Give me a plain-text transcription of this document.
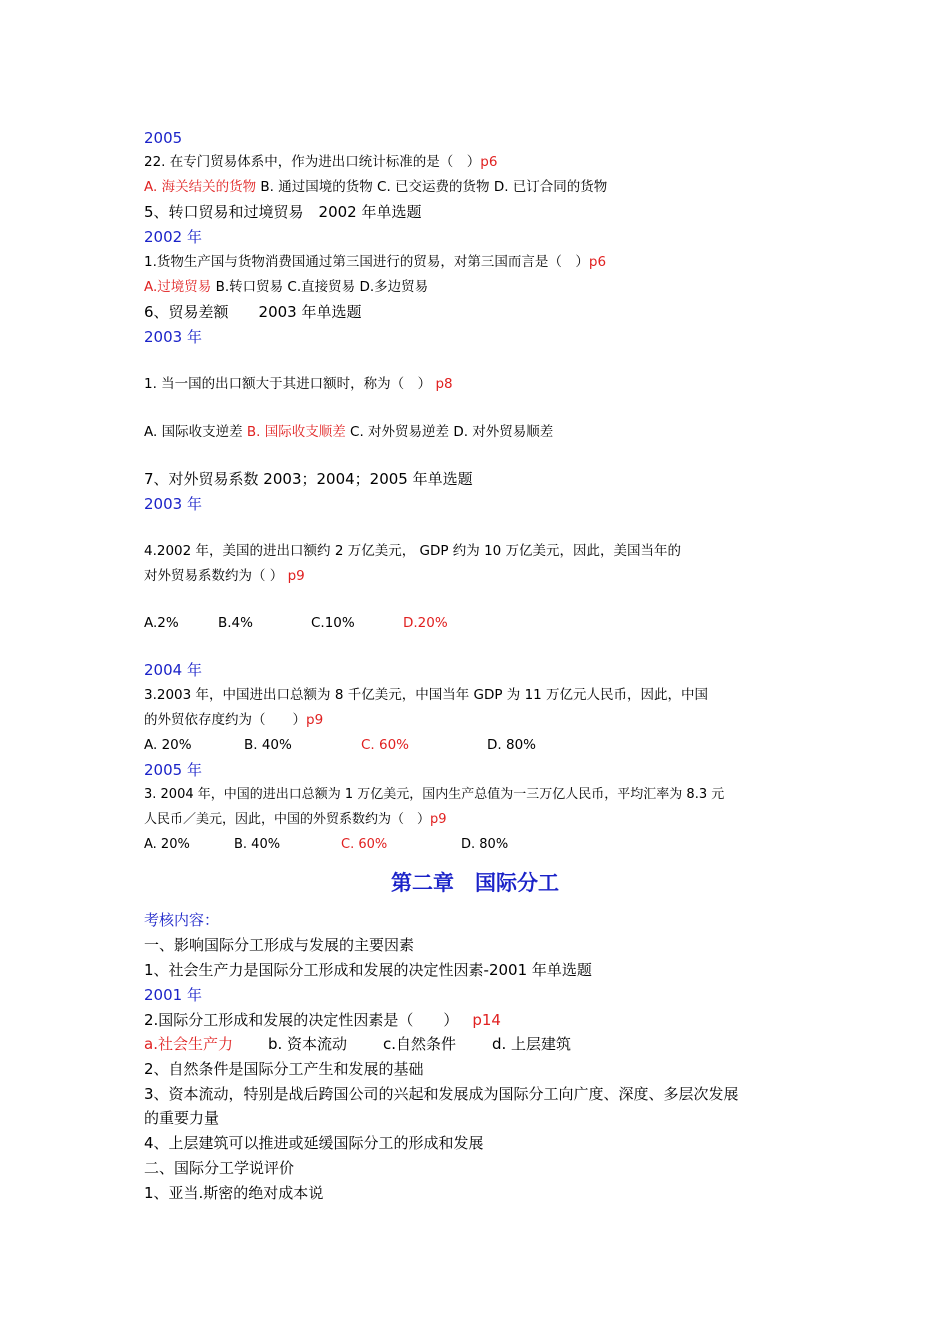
2005
22. 在专门贸易体系中，作为进出口统计标准的是（　）p6
A. 海关结关的货物 B. 通过国境的货物 C. 已交运费的货物 D. 已订合同的货物
5、转口贸易和过境贸易　2002 年单选题
2002 年
1.货物生产国与货物消费国通过第三国进行的贸易，对第三国而言是（　）p6
A.过境贸易 B.转口贸易 C.直接贸易 D.多边贸易
6、贸易差额　　2003 年单选题
2003 年
1. 当一国的出口额大于其进口额时，称为（　） p8
A. 国际收支逆差 B. 国际收支顺差 C. 对外贸易逆差 D. 对外贸易顺差
7、对外贸易系数 2003；2004；2005 年单选题
2003 年
4.2002 年，美国的进出口额约 2 万亿美元， GDP 约为 10 万亿美元，因此，美国当年的
对外贸易系数约为（ ） p9
A.2%	B.4%	C.10%	D.20%
2004 年
3.2003 年，中国进出口总额为 8 千亿美元，中国当年 GDP 为 11 万亿元人民币，因此，中国
的外贸依存度约为（　　）p9
A. 20%	B. 40%	C. 60%	D. 80%
2005 年
3. 2004 年，中国的进出口总额为 1 万亿美元，国内生产总值为一三万亿人民币，平均汇率为 8.3 元
人民币／美元，因此，中国的外贸系数约为（　）p9
A. 20%	B. 40%	C. 60%	D. 80%
第二章　国际分工
考核内容：
一、影响国际分工形成与发展的主要因素
1、社会生产力是国际分工形成和发展的决定性因素-2001 年单选题
2001 年
2.国际分工形成和发展的决定性因素是（　　） p14
a.社会生产力 b. 资本流动 c.自然条件 d. 上层建筑
2、自然条件是国际分工产生和发展的基础
3、资本流动，特别是战后跨国公司的兴起和发展成为国际分工向广度、深度、多层次发展
的重要力量
4、上层建筑可以推进或延缓国际分工的形成和发展
二、国际分工学说评价
1、亚当.斯密的绝对成本说
